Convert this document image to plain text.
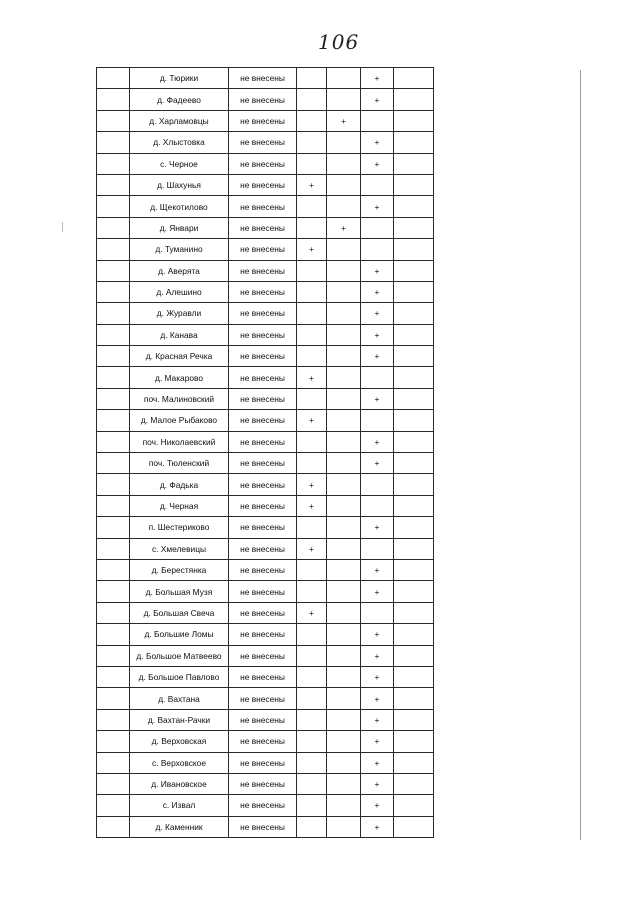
106
	д. Тюрики	не внесены			+	
	д. Фадеево	не внесены			+	
	д. Харламовцы	не внесены		+		
	д. Хлыстовка	не внесены			+	
	с. Черное	не внесены			+	
	д. Шахунья	не внесены	+			
	д. Щекотилово	не внесены			+	
	д. Январи	не внесены		+		
	д. Туманино	не внесены	+			
	д. Аверята	не внесены			+	
	д. Алешино	не внесены			+	
	д. Журавли	не внесены			+	
	д. Канава	не внесены			+	
	д. Красная Речка	не внесены			+	
	д. Макарово	не внесены	+			
	поч. Малиновский	не внесены			+	
	д. Малое Рыбаково	не внесены	+			
	поч. Николаевский	не внесены			+	
	поч. Тюленский	не внесены			+	
	д. Фадька	не внесены	+			
	д. Черная	не внесены	+			
	п. Шестериково	не внесены			+	
	с. Хмелевицы	не внесены	+			
	д. Берестянка	не внесены			+	
	д. Большая Музя	не внесены			+	
	д. Большая Свеча	не внесены	+			
	д. Большие Ломы	не внесены			+	
	д. Большое Матвеево	не внесены			+	
	д. Большое Павлово	не внесены			+	
	д. Вахтана	не внесены			+	
	д. Вахтан-Рачки	не внесены			+	
	д. Верховская	не внесены			+	
	с. Верховское	не внесены			+	
	д. Ивановское	не внесены			+	
	с. Извал	не внесены			+	
	д. Каменник	не внесены			+	
